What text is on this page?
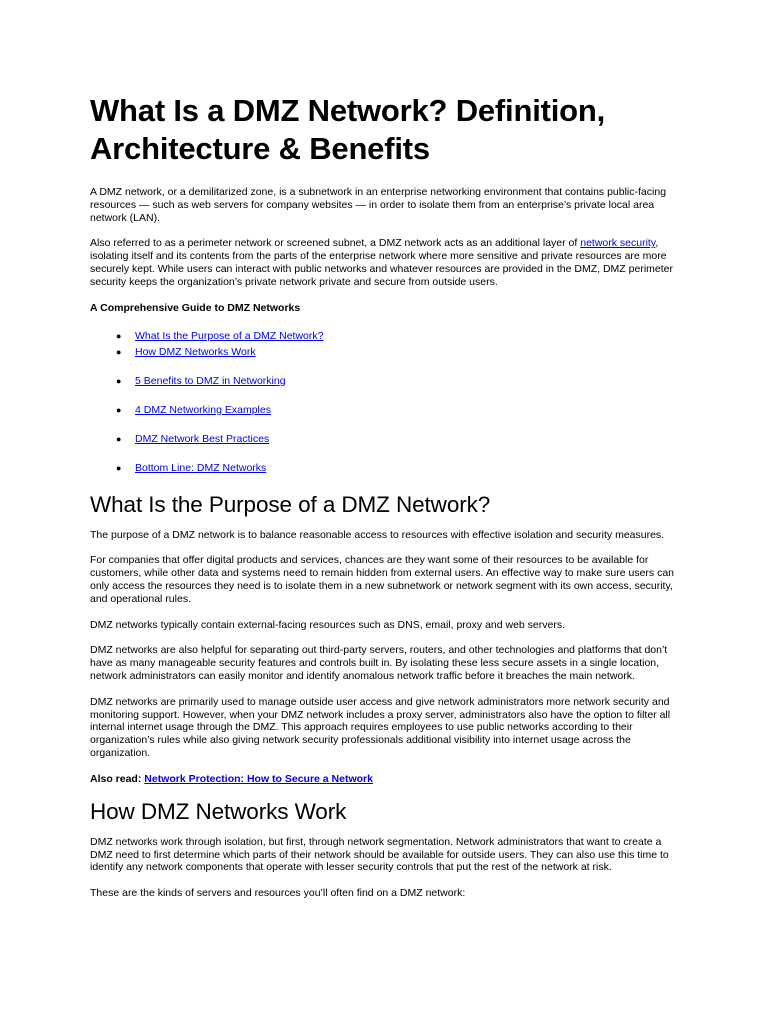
What Is a DMZ Network? Definition, Architecture & Benefits

A DMZ network, or a demilitarized zone, is a subnetwork in an enterprise networking environment that contains public-facing resources — such as web servers for company websites — in order to isolate them from an enterprise’s private local area network (LAN).

Also referred to as a perimeter network or screened subnet, a DMZ network acts as an additional layer of network security, isolating itself and its contents from the parts of the enterprise network where more sensitive and private resources are more securely kept. While users can interact with public networks and whatever resources are provided in the DMZ, DMZ perimeter security keeps the organization’s private network private and secure from outside users.

A Comprehensive Guide to DMZ Networks
● What Is the Purpose of a DMZ Network?
● How DMZ Networks Work
● 5 Benefits to DMZ in Networking
● 4 DMZ Networking Examples
● DMZ Network Best Practices
● Bottom Line: DMZ Networks
What Is the Purpose of a DMZ Network?

The purpose of a DMZ network is to balance reasonable access to resources with effective isolation and security measures.

For companies that offer digital products and services, chances are they want some of their resources to be available for customers, while other data and systems need to remain hidden from external users. An effective way to make sure users can only access the resources they need is to isolate them in a new subnetwork or network segment with its own access, security, and operational rules.

DMZ networks typically contain external-facing resources such as DNS, email, proxy and web servers.

DMZ networks are also helpful for separating out third-party servers, routers, and other technologies and platforms that don’t have as many manageable security features and controls built in. By isolating these less secure assets in a single location, network administrators can easily monitor and identify anomalous network traffic before it breaches the main network.

DMZ networks are primarily used to manage outside user access and give network administrators more network security and monitoring support. However, when your DMZ network includes a proxy server, administrators also have the option to filter all internal internet usage through the DMZ. This approach requires employees to use public networks according to their organization’s rules while also giving network security professionals additional visibility into internet usage across the organization.

Also read: Network Protection: How to Secure a Network
How DMZ Networks Work

DMZ networks work through isolation, but first, through network segmentation. Network administrators that want to create a DMZ need to first determine which parts of their network should be available for outside users. They can also use this time to identify any network components that operate with lesser security controls that put the rest of the network at risk.

These are the kinds of servers and resources you’ll often find on a DMZ network:
